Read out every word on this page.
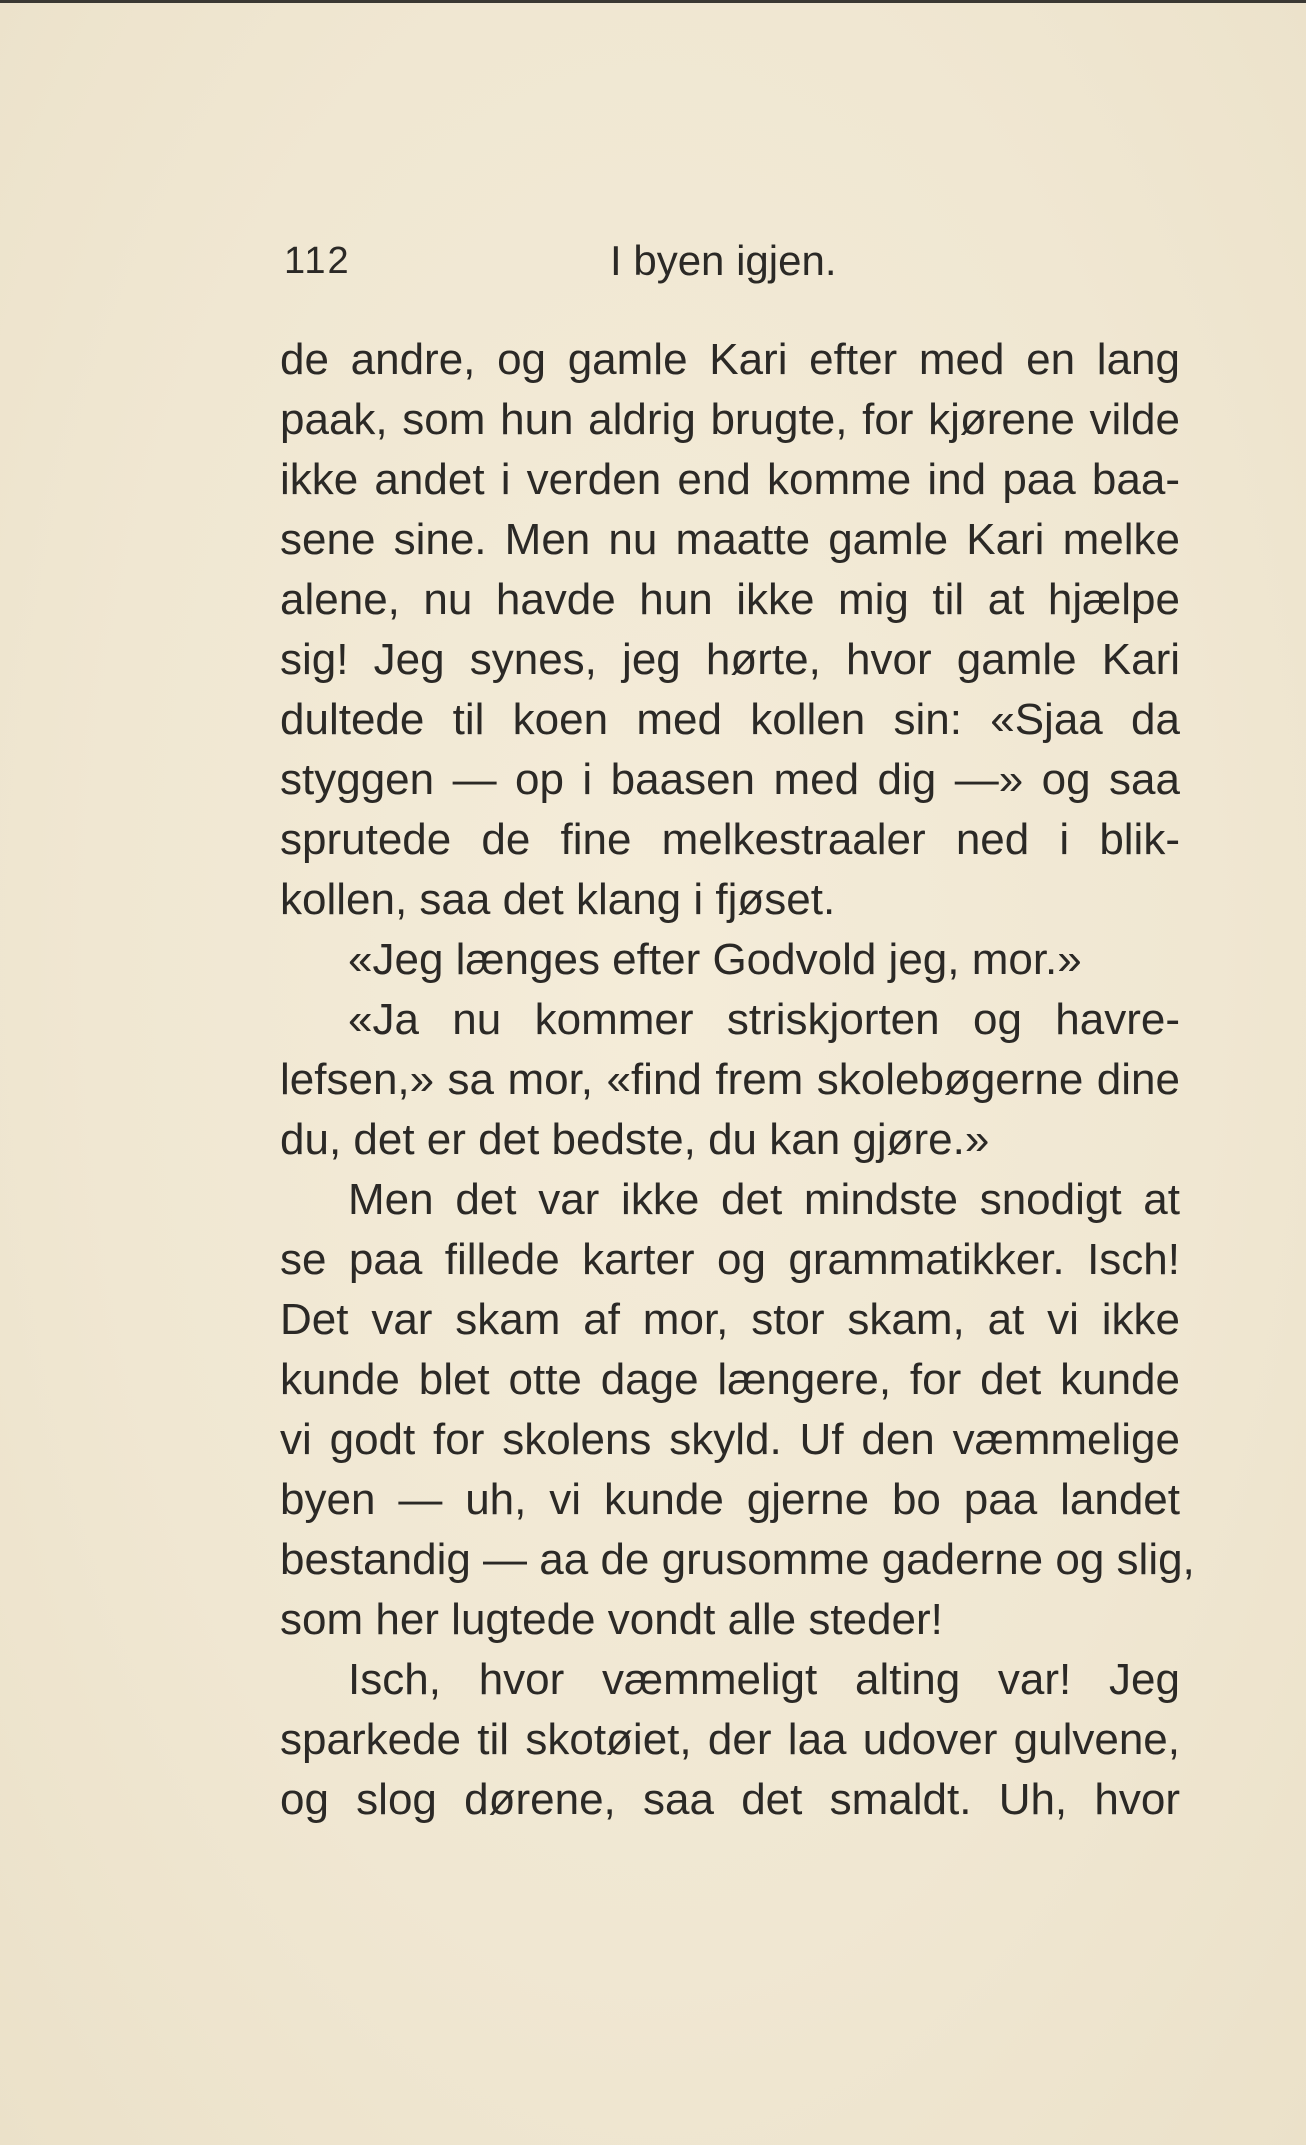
112	I byen igjen.
de andre, og gamle Kari efter med en lang
paak, som hun aldrig brugte, for kjørene vilde
ikke andet i verden end komme ind paa baa-
sene sine. Men nu maatte gamle Kari melke
alene, nu havde hun ikke mig til at hjælpe
sig! Jeg synes, jeg hørte, hvor gamle Kari
dultede til koen med kollen sin: «Sjaa da
styggen — op i baasen med dig —» og saa
sprutede de fine melkestraaler ned i blik-
kollen, saa det klang i fjøset.
«Jeg længes efter Godvold jeg, mor.»
«Ja nu kommer striskjorten og havre-
lefsen,» sa mor, «find frem skolebøgerne dine
du, det er det bedste, du kan gjøre.»
Men det var ikke det mindste snodigt at
se paa fillede karter og grammatikker. Isch!
Det var skam af mor, stor skam, at vi ikke
kunde blet otte dage længere, for det kunde
vi godt for skolens skyld. Uf den væmmelige
byen — uh, vi kunde gjerne bo paa landet
bestandig — aa de grusomme gaderne og slig,
som her lugtede vondt alle steder!
Isch, hvor væmmeligt alting var! Jeg
sparkede til skotøiet, der laa udover gulvene,
og slog dørene, saa det smaldt. Uh, hvor
